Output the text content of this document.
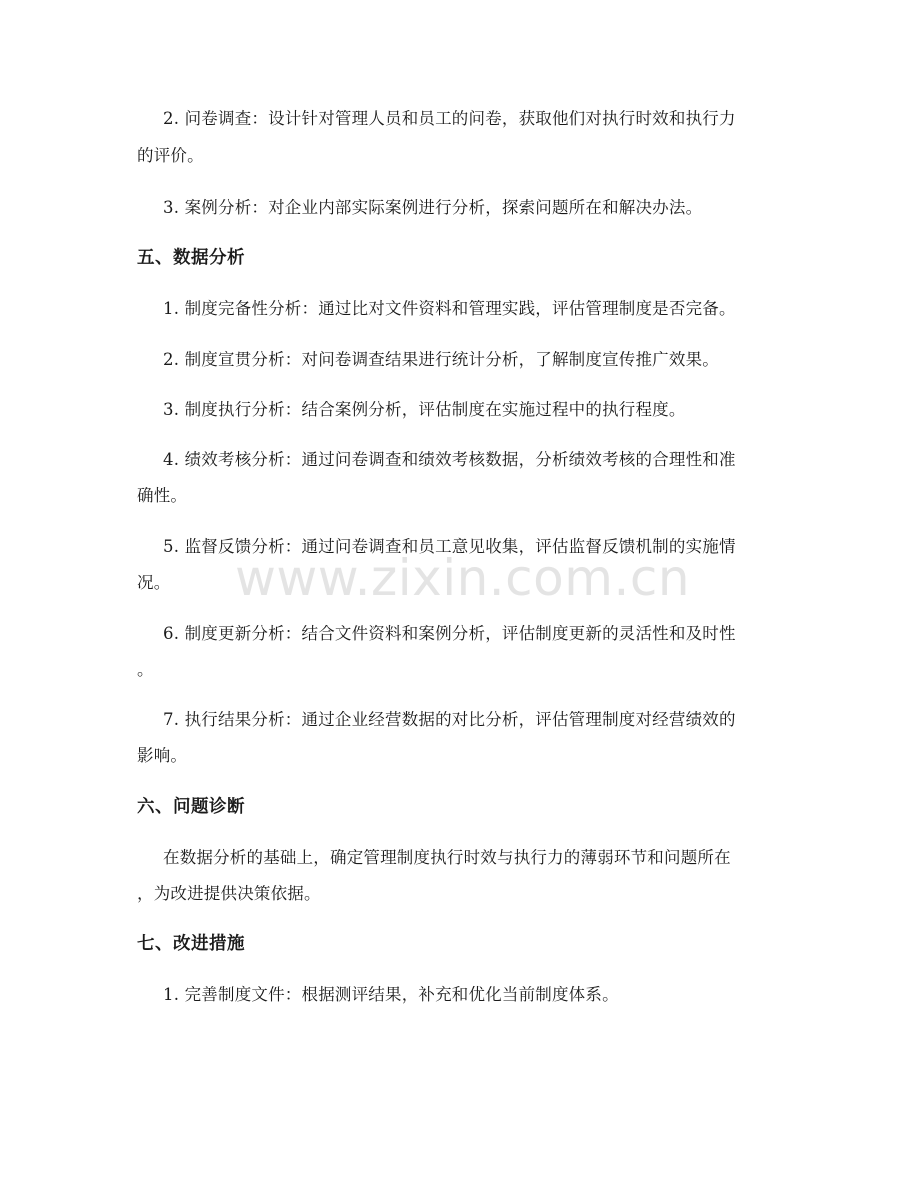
2. 问卷调查：设计针对管理人员和员工的问卷，获取他们对执行时效和执行力
的评价。
3. 案例分析：对企业内部实际案例进行分析，探索问题所在和解决办法。
五、数据分析
1. 制度完备性分析：通过比对文件资料和管理实践，评估管理制度是否完备。
2. 制度宣贯分析：对问卷调查结果进行统计分析，了解制度宣传推广效果。
3. 制度执行分析：结合案例分析，评估制度在实施过程中的执行程度。
4. 绩效考核分析：通过问卷调查和绩效考核数据，分析绩效考核的合理性和准
确性。
5. 监督反馈分析：通过问卷调查和员工意见收集，评估监督反馈机制的实施情
况。
6. 制度更新分析：结合文件资料和案例分析，评估制度更新的灵活性和及时性
。
7. 执行结果分析：通过企业经营数据的对比分析，评估管理制度对经营绩效的
影响。
六、问题诊断
在数据分析的基础上，确定管理制度执行时效与执行力的薄弱环节和问题所在
，为改进提供决策依据。
七、改进措施
1. 完善制度文件：根据测评结果，补充和优化当前制度体系。
www.zixin.com.cn
